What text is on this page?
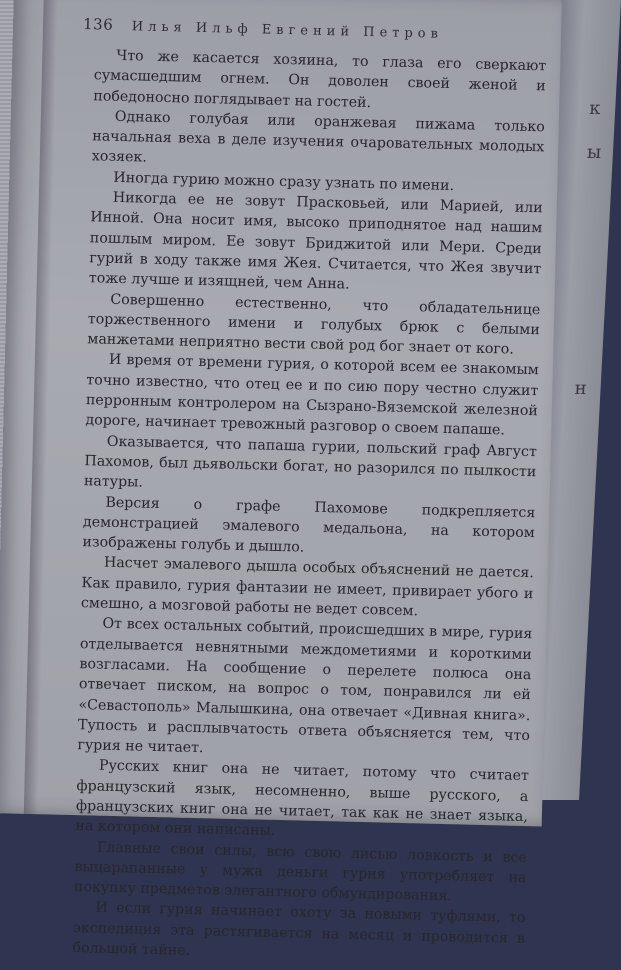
к
ы
н
136 Илья Ильф Евгений Петров

Что же касается хозяина, то глаза его сверкают сумасшедшим огнем. Он доволен своей женой и победоносно поглядывает на гостей.

Однако голубая или оранжевая пижама только начальная веха в деле изучения очаровательных молодых хозяек.

Иногда гурию можно сразу узнать по имени.

Никогда ее не зовут Прасковьей, или Марией, или Инной. Она носит имя, высоко приподнятое над нашим пошлым миром. Ее зовут Бриджитой или Мери. Среди гурий в ходу также имя Жея. Считается, что Жея звучит тоже лучше и изящней, чем Анна.

Совершенно естественно, что обладательнице торжественного имени и голубых брюк с белыми манжетами неприятно вести свой род бог знает от кого.

И время от времени гурия, о которой всем ее знакомым точно известно, что отец ее и по сию пору честно служит перронным контролером на Сызрано-Вяземской железной дороге, начинает тревожный разговор о своем папаше.

Оказывается, что папаша гурии, польский граф Август Пахомов, был дьявольски богат, но разорился по пылкости натуры.

Версия о графе Пахомове подкрепляется демонстрацией эмалевого медальона, на котором изображены голубь и дышло.

Насчет эмалевого дышла особых объяснений не дается. Как правило, гурия фантазии не имеет, привирает убого и смешно, а мозговой работы не ведет совсем.

От всех остальных событий, происшедших в мире, гурия отделывается невнятными междометиями и короткими возгласами. На сообщение о перелете полюса она отвечает писком, на вопрос о том, понравился ли ей «Севастополь» Малышкина, она отвечает «Дивная книга». Тупость и расплывчатость ответа объясняется тем, что гурия не читает.

Русских книг она не читает, потому что считает французский язык, несомненно, выше русского, а французских книг она не читает, так как не знает языка, на котором они написаны.

Главные свои силы, всю свою лисью ловкость и все выцарапанные у мужа деньги гурия употребляет на покупку предметов элегантного обмундирования.

И если гурия начинает охоту за новыми туфлями, то экспедиция эта растягивается на месяц и проводится в большой тайне.
